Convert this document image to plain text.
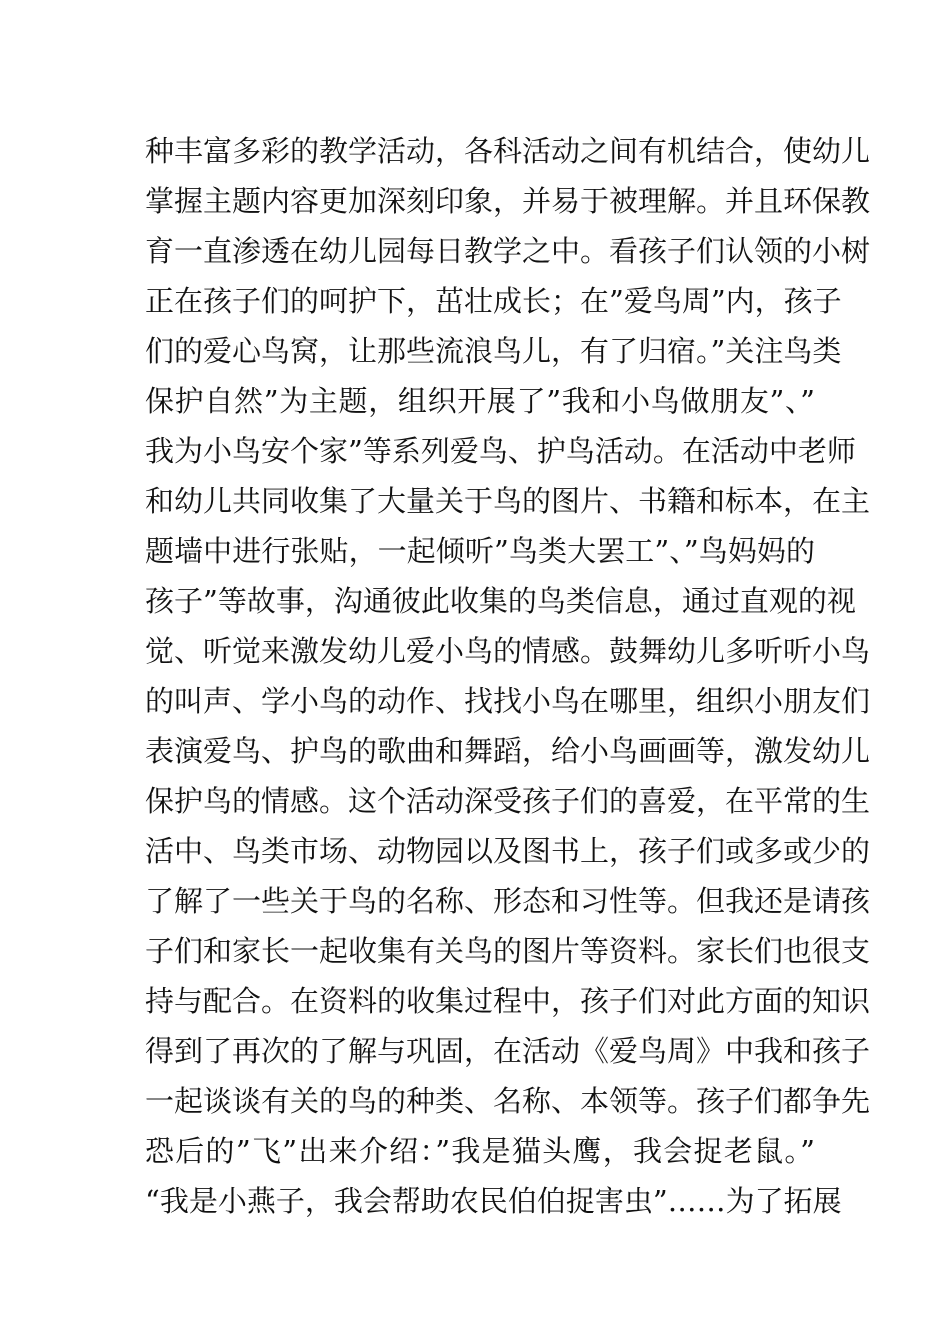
种丰富多彩的教学活动，各科活动之间有机结合，使幼儿
掌握主题内容更加深刻印象，并易于被理解。并且环保教
育一直渗透在幼儿园每日教学之中。看孩子们认领的小树
正在孩子们的呵护下，茁壮成长；在”爱鸟周”内，孩子
们的爱心鸟窝，让那些流浪鸟儿，有了归宿。”关注鸟类
保护自然”为主题，组织开展了”我和小鸟做朋友”、”
我为小鸟安个家”等系列爱鸟、护鸟活动。在活动中老师
和幼儿共同收集了大量关于鸟的图片、书籍和标本，在主
题墙中进行张贴，一起倾听”鸟类大罢工”、”鸟妈妈的
孩子”等故事，沟通彼此收集的鸟类信息，通过直观的视
觉、听觉来激发幼儿爱小鸟的情感。鼓舞幼儿多听听小鸟
的叫声、学小鸟的动作、找找小鸟在哪里，组织小朋友们
表演爱鸟、护鸟的歌曲和舞蹈，给小鸟画画等，激发幼儿
保护鸟的情感。这个活动深受孩子们的喜爱，在平常的生
活中、鸟类市场、动物园以及图书上，孩子们或多或少的
了解了一些关于鸟的名称、形态和习性等。但我还是请孩
子们和家长一起收集有关鸟的图片等资料。家长们也很支
持与配合。在资料的收集过程中，孩子们对此方面的知识
得到了再次的了解与巩固，在活动《爱鸟周》中我和孩子
一起谈谈有关的鸟的种类、名称、本领等。孩子们都争先
恐后的”飞”出来介绍：”我是猫头鹰，我会捉老鼠。”
“我是小燕子，我会帮助农民伯伯捉害虫”……为了拓展
